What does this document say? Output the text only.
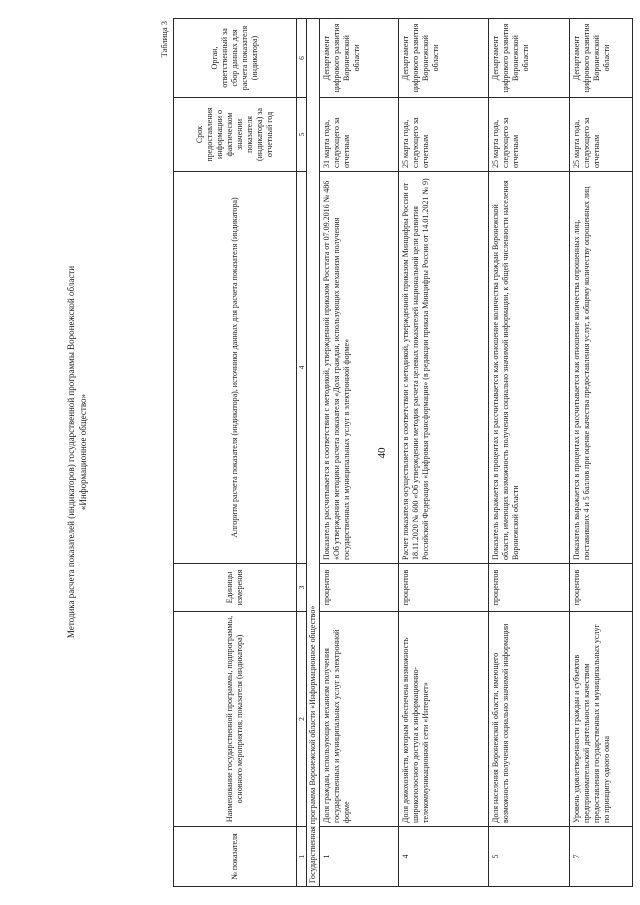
40
Методика расчета показателей (индикаторов) государственной программы Воронежской области «Информационное общество»
Таблица 3
№ показателя	Наименование государственной программы, подпрограммы, основного мероприятия, показателя (индикатора)	Единицы измерения	Алгоритм расчета показателя (индикатора), источники данных для расчета показателя (индикатора)	Срок предоставления информации о фактическом значении показателя (индикатора) за отчетный год	Орган, ответственный за сбор данных для расчета показателя (индикатора)
1	2	3	4	5	6
Государственная программа Воронежской области «Информационное общество»					
1	Доля граждан, использующих механизм получения государственных и муниципальных услуг в электронной форме	процентов	Показатель рассчитывается в соответствии с методикой, утвержденной приказом Росстата от 07.09.2016 № 486 «Об утверждении методики расчета показателя «Доля граждан, использующих механизм получения государственных и муниципальных услуг в электронной форме»	31 марта года, следующего за отчетным	Департамент цифрового развития Воронежской области
4	Доля домохозяйств, которым обеспечена возможность широкополосного доступа к информационно-телекоммуникационной сети «Интернет»	процентов	Расчет показателя осуществляется в соответствии с методикой, утвержденной приказом Минцифры России от 18.11.2020 № 600 «Об утверждении методик расчета целевых показателей национальной цели развития Российской Федерации «Цифровая трансформация» (в редакции приказа Минцифры России от 14.01.2021 № 9)	25 марта года, следующего за отчетным	Департамент цифрового развития Воронежской области
5	Доля населения Воронежской области, имеющего возможность получения социально значимой информации	процентов	Показатель выражается в процентах и рассчитывается как отношение количества граждан Воронежской области, имеющих возможность получения социально значимой информации, к общей численности населения Воронежской области	25 марта года, следующего за отчетным	Департамент цифрового развития Воронежской области
7	Уровень удовлетворенности граждан и субъектов предпринимательской деятельности качеством предоставления государственных и муниципальных услуг по принципу одного окна	процентов	Показатель выражается в процентах и рассчитывается как отношение количества опрошенных лиц, поставивших 4 и 5 баллов при оценке качества предоставления услуг, к общему количеству опрошенных лиц	25 марта года, следующего за отчетным	Департамент цифрового развития Воронежской области
